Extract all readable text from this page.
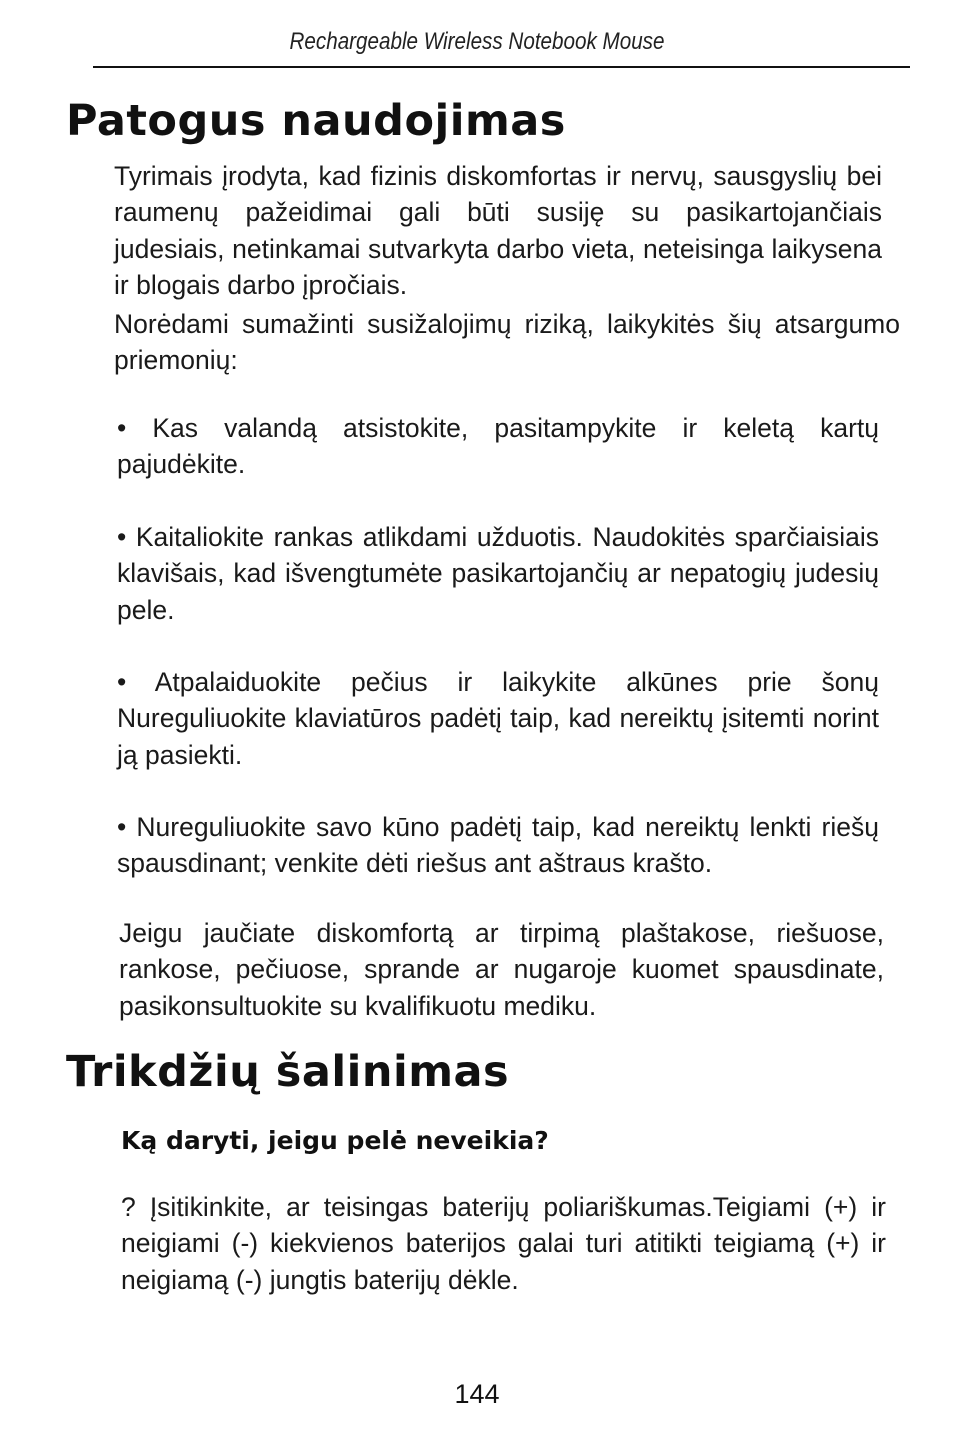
Rechargeable Wireless Notebook Mouse
Patogus naudojimas

Tyrimais įrodyta, kad fizinis diskomfortas ir nervų, sausgyslių bei raumenų pažeidimai gali būti susiję su pasikartojančiais judesiais, netinkamai sutvarkyta darbo vieta, neteisinga laikysena ir blogais darbo įpročiais.

Norėdami sumažinti susižalojimų riziką, laikykitės šių atsargumo priemonių:

• Kas valandą atsistokite, pasitampykite ir keletą kartų pajudėkite.

• Kaitaliokite rankas atlikdami užduotis. Naudokitės sparčiaisiais klavišais, kad išvengtumėte pasikartojančių ar nepatogių judesių pele.

• Atpalaiduokite pečius ir laikykite alkūnes prie šonų Nureguliuokite klaviatūros padėtį taip, kad nereiktų įsitemti norint ją pasiekti.

• Nureguliuokite savo kūno padėtį taip, kad nereiktų lenkti riešų spausdinant; venkite dėti riešus ant aštraus krašto.

Jeigu jaučiate diskomfortą ar tirpimą plaštakose, riešuose, rankose, pečiuose, sprande ar nugaroje kuomet spausdinate, pasikonsultuokite su kvalifikuotu mediku.

Trikdžių šalinimas
Ką daryti, jeigu pelė neveikia?

? Įsitikinkite, ar teisingas baterijų poliariškumas.Teigiami (+) ir neigiami (-) kiekvienos baterijos galai turi atitikti teigiamą (+) ir neigiamą (-) jungtis baterijų dėkle.

144
